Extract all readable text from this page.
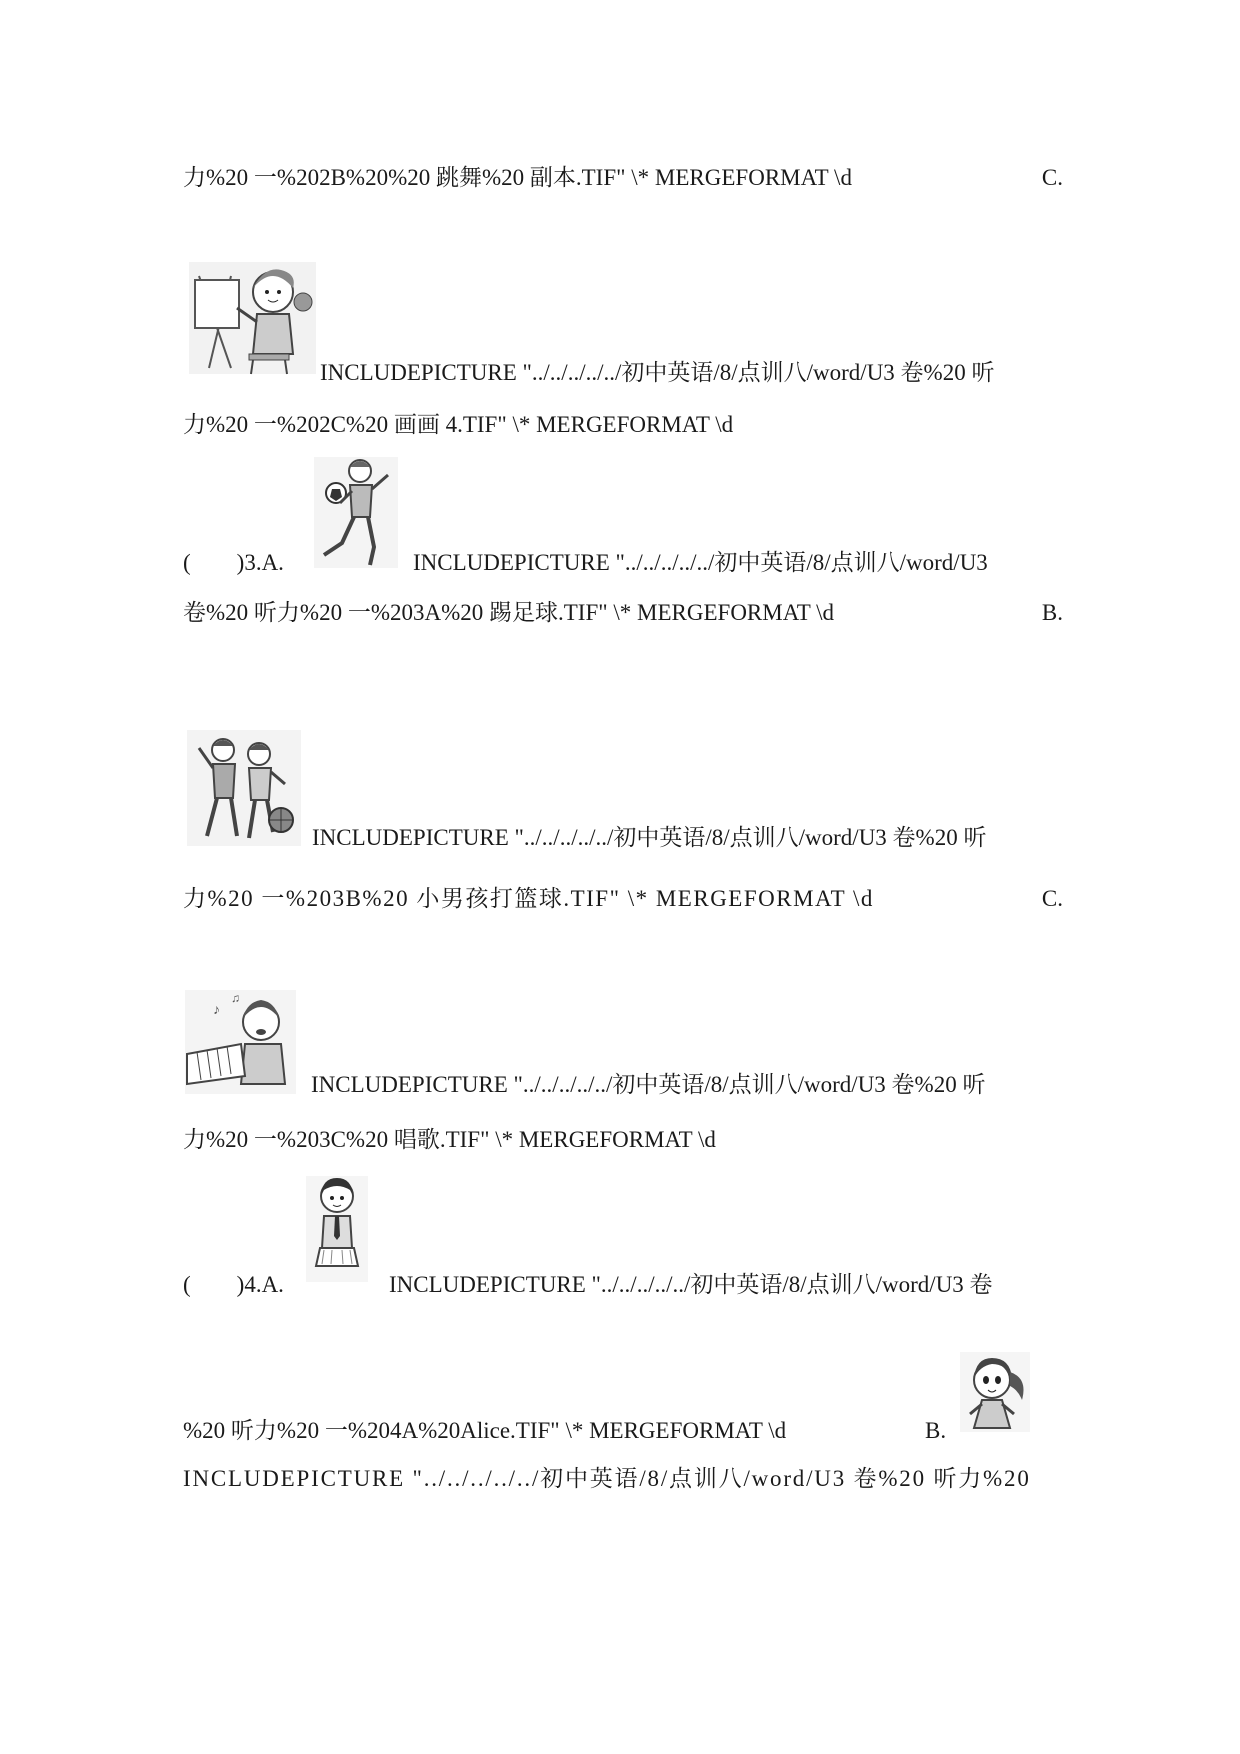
力%20 一%202B%20%20 跳舞%20 副本.TIF" \* MERGEFORMAT \d	C.
INCLUDEPICTURE "../../../../../初中英语/8/点训八/word/U3 卷%20 听
力%20 一%202C%20 画画 4.TIF" \* MERGEFORMAT \d
(        )3.A.	INCLUDEPICTURE "../../../../../初中英语/8/点训八/word/U3
卷%20 听力%20 一%203A%20 踢足球.TIF" \* MERGEFORMAT \d	B.
INCLUDEPICTURE "../../../../../初中英语/8/点训八/word/U3 卷%20 听
力%20 一%203B%20 小男孩打篮球.TIF" \* MERGEFORMAT \d	C.
♪
♫
INCLUDEPICTURE "../../../../../初中英语/8/点训八/word/U3 卷%20 听
力%20 一%203C%20 唱歌.TIF" \* MERGEFORMAT \d
(        )4.A.	INCLUDEPICTURE "../../../../../初中英语/8/点训八/word/U3 卷
%20 听力%20 一%204A%20Alice.TIF" \* MERGEFORMAT \d	B.
INCLUDEPICTURE "../../../../../初中英语/8/点训八/word/U3 卷%20 听力%20
